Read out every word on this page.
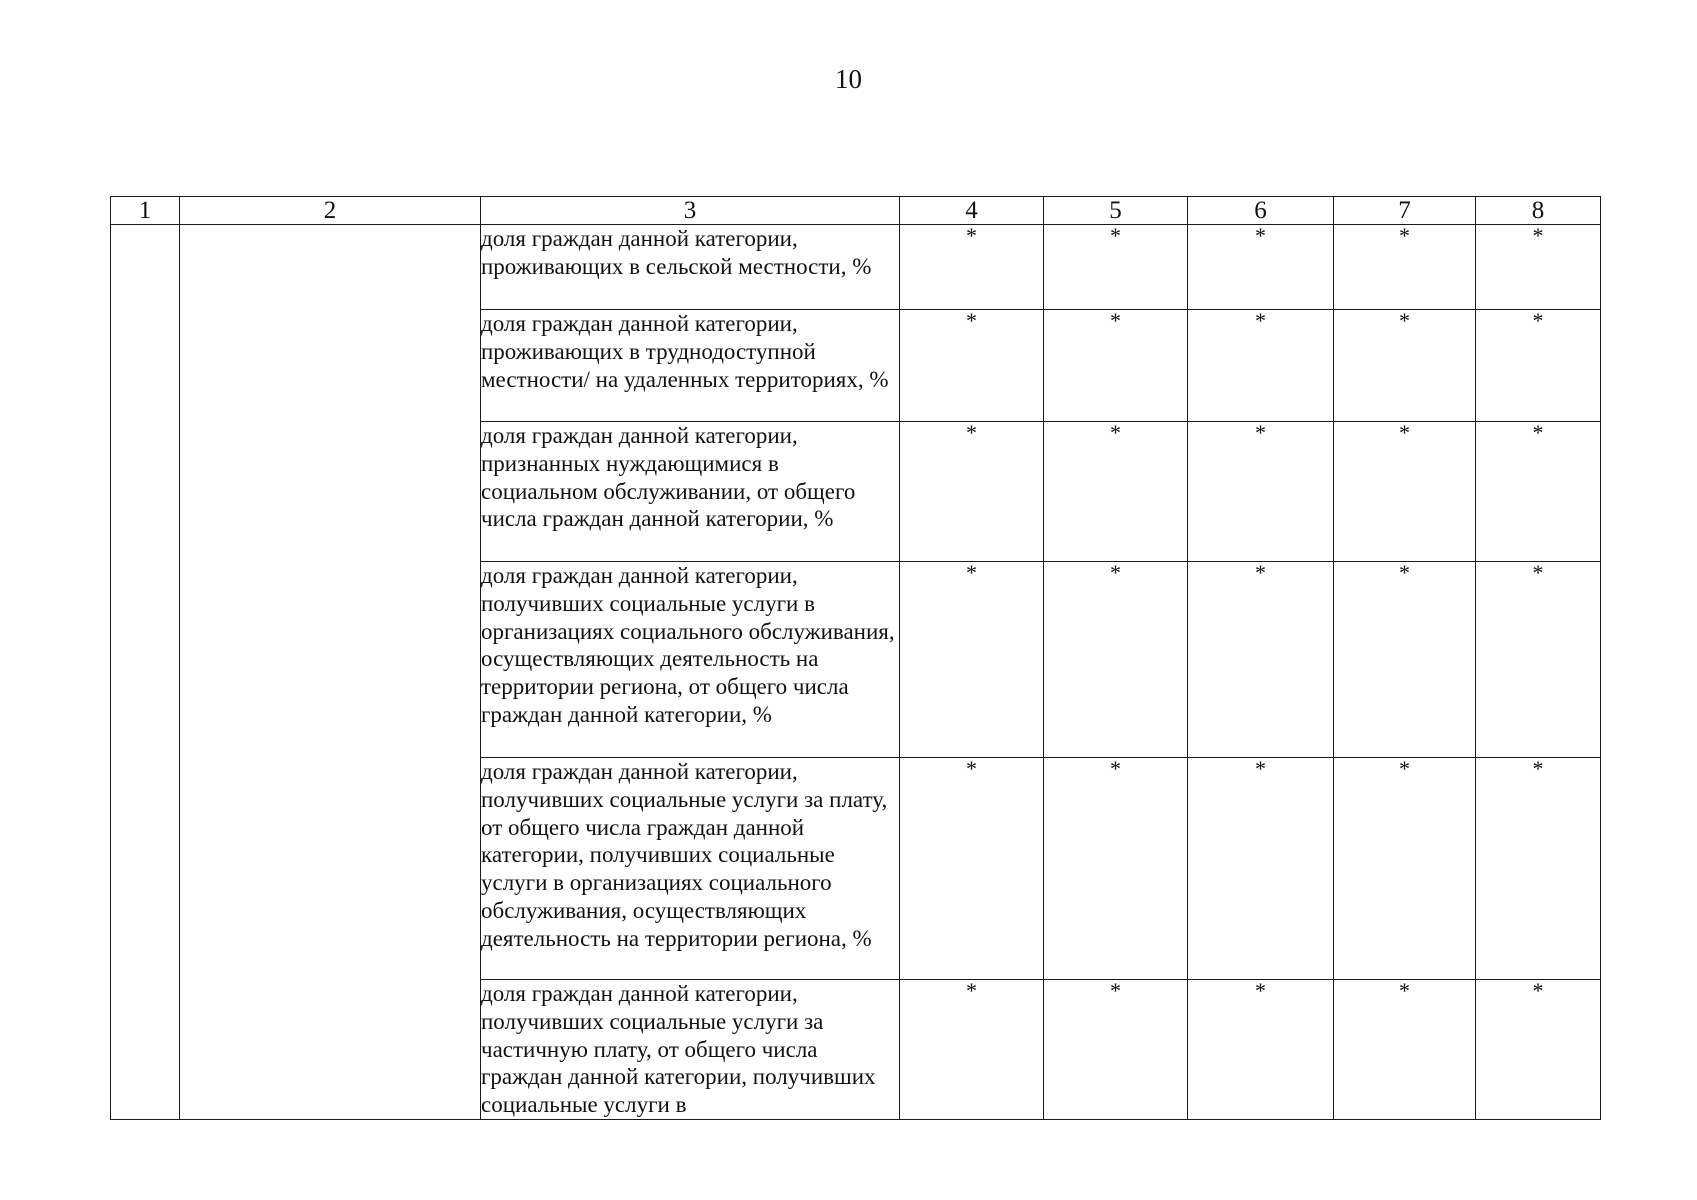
10
1	2	3	4	5	6	7	8
		доля граждан данной категории, проживающих в сельской местности, %	*	*	*	*	*
		доля граждан данной категории, проживающих в труднодоступной местности/ на удаленных территориях, %	*	*	*	*	*
		доля граждан данной категории, признанных нуждающимися в социальном обслуживании, от общего числа граждан данной категории, %	*	*	*	*	*
		доля граждан данной категории, получивших социальные услуги в организациях социального обслуживания, осуществляющих деятельность на территории региона, от общего числа граждан данной категории, %	*	*	*	*	*
		доля граждан данной категории, получивших социальные услуги за плату, от общего числа граждан данной категории, получивших социальные услуги в организациях социального обслуживания, осуществляющих деятельность на территории региона, %	*	*	*	*	*
		доля граждан данной категории, получивших социальные услуги за частичную плату, от общего числа граждан данной категории, получивших социальные услуги в	*	*	*	*	*
